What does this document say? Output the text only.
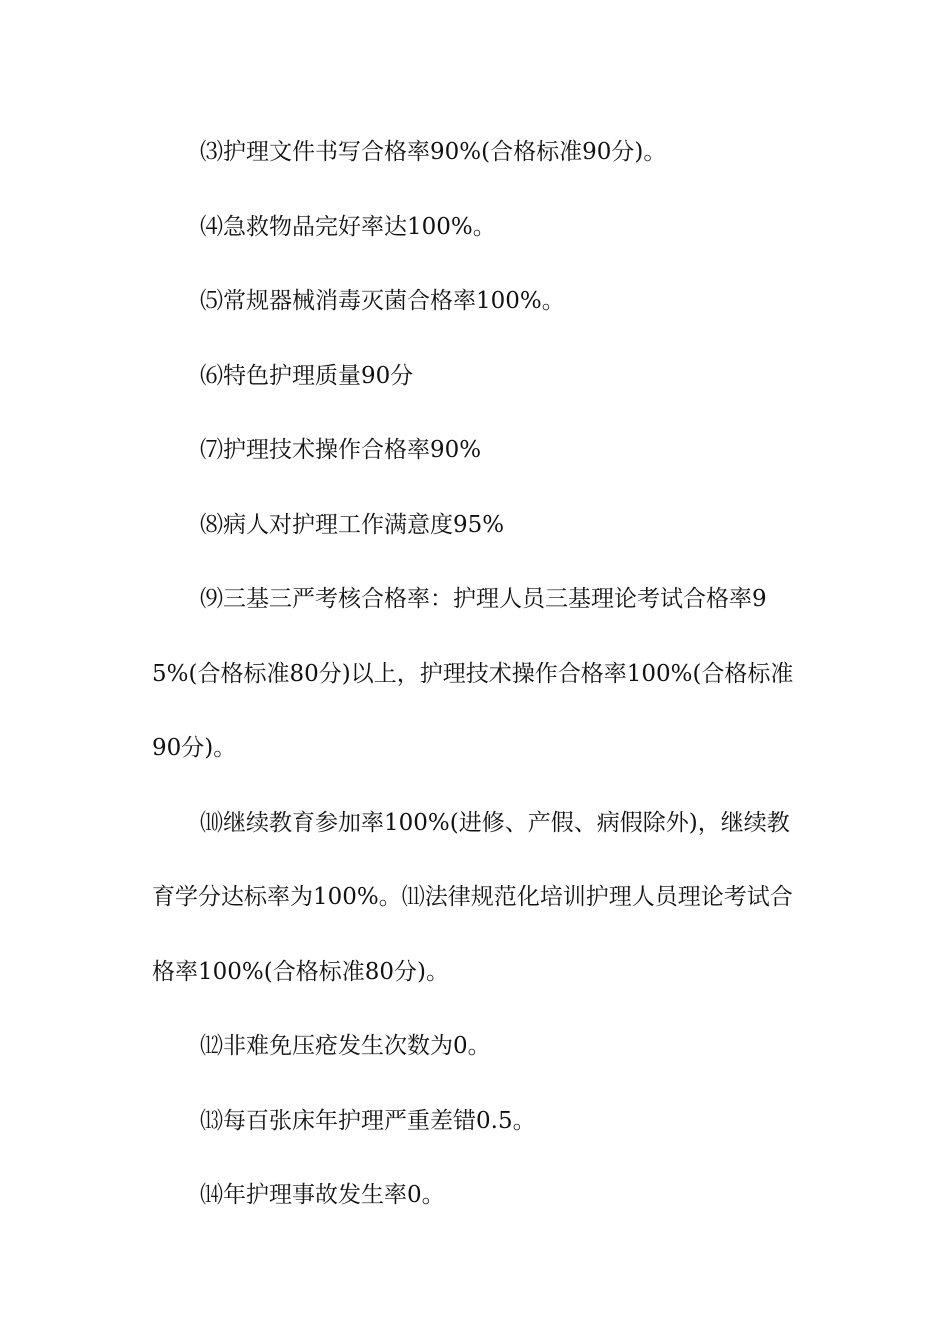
⑶护理文件书写合格率90%(合格标准90分)。

⑷急救物品完好率达100%。

⑸常规器械消毒灭菌合格率100%。

⑹特色护理质量90分

⑺护理技术操作合格率90%

⑻病人对护理工作满意度95%

⑼三基三严考核合格率：护理人员三基理论考试合格率95%(合格标准80分)以上，护理技术操作合格率100%(合格标准90分)。

⑽继续教育参加率100%(进修、产假、病假除外)，继续教育学分达标率为100%。⑾法律规范化培训护理人员理论考试合格率100%(合格标准80分)。

⑿非难免压疮发生次数为0。

⒀每百张床年护理严重差错0.5。

⒁年护理事故发生率0。
